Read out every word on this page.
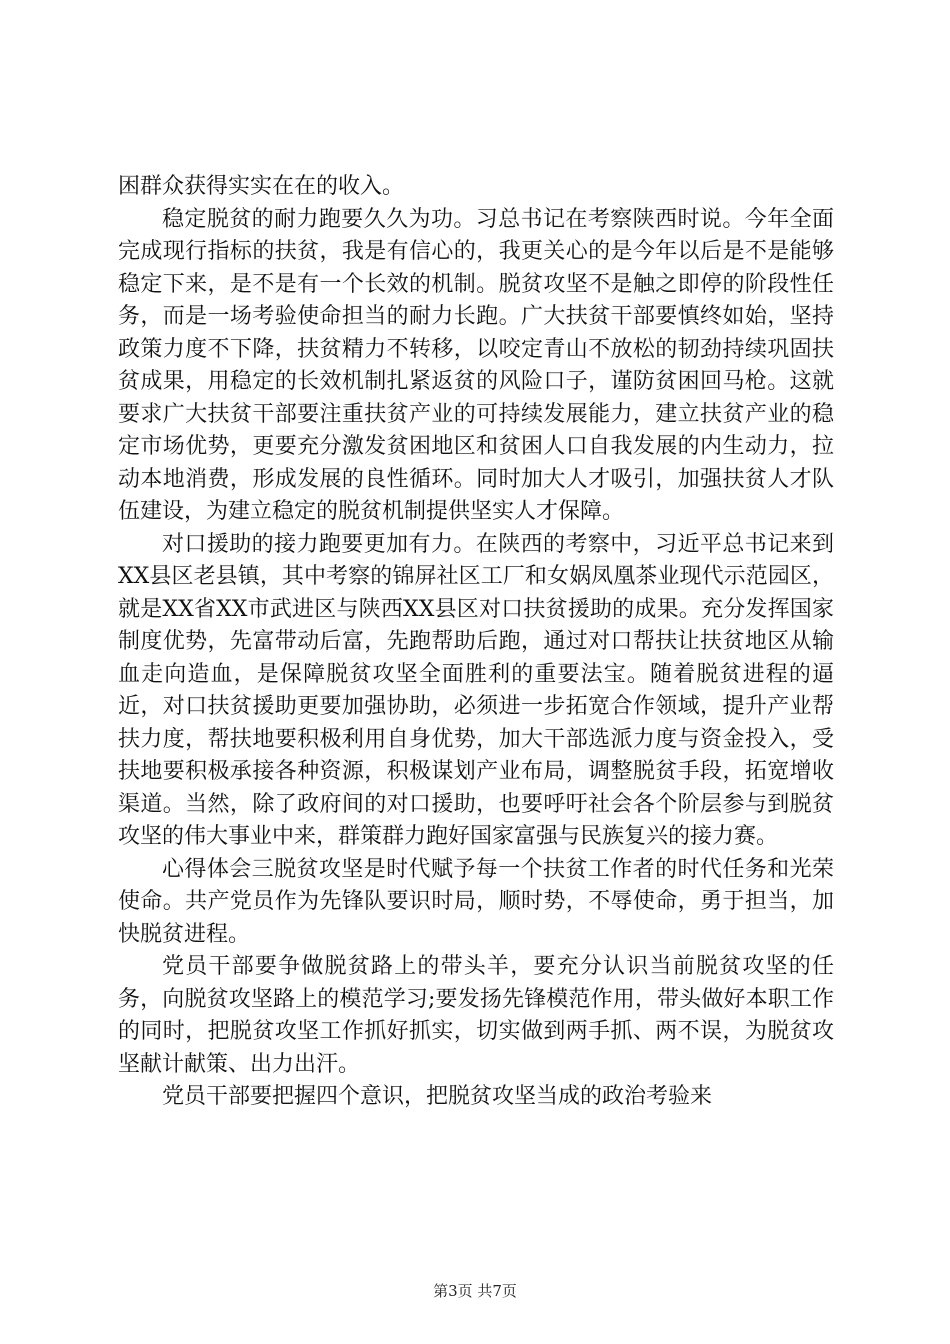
困群众获得实实在在的收入。

稳定脱贫的耐力跑要久久为功。习总书记在考察陕西时说。今年全面完成现行指标的扶贫，我是有信心的，我更关心的是今年以后是不是能够稳定下来，是不是有一个长效的机制。脱贫攻坚不是触之即停的阶段性任务，而是一场考验使命担当的耐力长跑。广大扶贫干部要慎终如始，坚持政策力度不下降，扶贫精力不转移，以咬定青山不放松的韧劲持续巩固扶贫成果，用稳定的长效机制扎紧返贫的风险口子，谨防贫困回马枪。这就要求广大扶贫干部要注重扶贫产业的可持续发展能力，建立扶贫产业的稳定市场优势，更要充分激发贫困地区和贫困人口自我发展的内生动力，拉动本地消费，形成发展的良性循环。同时加大人才吸引，加强扶贫人才队伍建设，为建立稳定的脱贫机制提供坚实人才保障。

对口援助的接力跑要更加有力。在陕西的考察中，习近平总书记来到XX县区老县镇，其中考察的锦屏社区工厂和女娲凤凰茶业现代示范园区，就是XX省XX市武进区与陕西XX县区对口扶贫援助的成果。充分发挥国家制度优势，先富带动后富，先跑帮助后跑，通过对口帮扶让扶贫地区从输血走向造血，是保障脱贫攻坚全面胜利的重要法宝。随着脱贫进程的逼近，对口扶贫援助更要加强协助，必须进一步拓宽合作领域，提升产业帮扶力度，帮扶地要积极利用自身优势，加大干部选派力度与资金投入，受扶地要积极承接各种资源，积极谋划产业布局，调整脱贫手段，拓宽增收渠道。当然，除了政府间的对口援助，也要呼吁社会各个阶层参与到脱贫攻坚的伟大事业中来，群策群力跑好国家富强与民族复兴的接力赛。

心得体会三脱贫攻坚是时代赋予每一个扶贫工作者的时代任务和光荣使命。共产党员作为先锋队要识时局，顺时势，不辱使命，勇于担当，加快脱贫进程。

党员干部要争做脱贫路上的带头羊，要充分认识当前脱贫攻坚的任务，向脱贫攻坚路上的模范学习;要发扬先锋模范作用，带头做好本职工作的同时，把脱贫攻坚工作抓好抓实，切实做到两手抓、两不误，为脱贫攻坚献计献策、出力出汗。

党员干部要把握四个意识，把脱贫攻坚当成的政治考验来

第3页 共7页
